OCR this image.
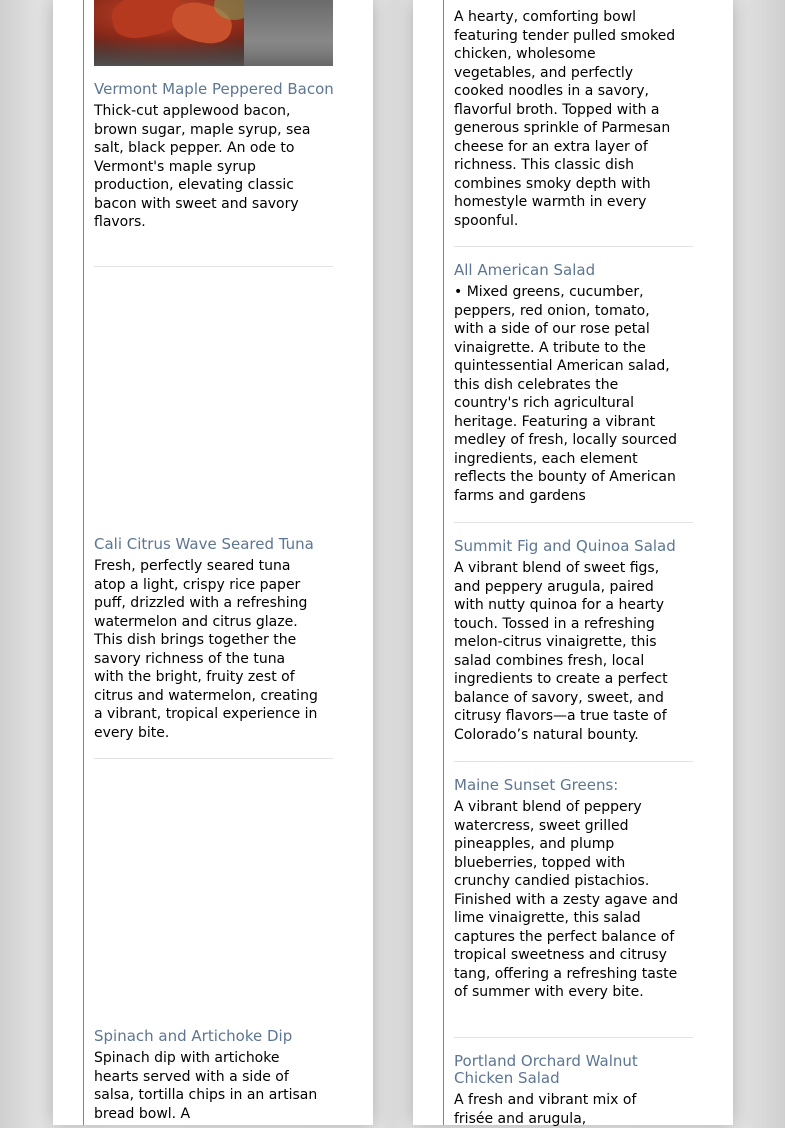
Vermont Maple Peppered Bacon

Thick-cut applewood bacon, brown sugar, maple syrup, sea salt, black pepper. An ode to Vermont's maple syrup production, elevating classic bacon with sweet and savory flavors.

Cali Citrus Wave Seared Tuna

Fresh, perfectly seared tuna atop a light, crispy rice paper puff, drizzled with a refreshing watermelon and citrus glaze. This dish brings together the savory richness of the tuna with the bright, fruity zest of citrus and watermelon, creating a vibrant, tropical experience in every bite.

Spinach and Artichoke Dip

Spinach dip with artichoke hearts served with a side of salsa, tortilla chips in an artisan bread bowl. A

A hearty, comforting bowl featuring tender pulled smoked chicken, wholesome vegetables, and perfectly cooked noodles in a savory, flavorful broth. Topped with a generous sprinkle of Parmesan cheese for an extra layer of richness. This classic dish combines smoky depth with homestyle warmth in every spoonful.

All American Salad

• Mixed greens, cucumber, peppers, red onion, tomato, with a side of our rose petal vinaigrette. A tribute to the quintessential American salad, this dish celebrates the country's rich agricultural heritage. Featuring a vibrant medley of fresh, locally sourced ingredients, each element reflects the bounty of American farms and gardens

Summit Fig and Quinoa Salad

A vibrant blend of sweet figs, and peppery arugula, paired with nutty quinoa for a hearty touch. Tossed in a refreshing melon-citrus vinaigrette, this salad combines fresh, local ingredients to create a perfect balance of savory, sweet, and citrusy flavors—a true taste of Colorado’s natural bounty.

Maine Sunset Greens:

A vibrant blend of peppery watercress, sweet grilled pineapples, and plump blueberries, topped with crunchy candied pistachios. Finished with a zesty agave and lime vinaigrette, this salad captures the perfect balance of tropical sweetness and citrusy tang, offering a refreshing taste of summer with every bite.

Portland Orchard Walnut Chicken Salad

A fresh and vibrant mix of frisée and arugula,
